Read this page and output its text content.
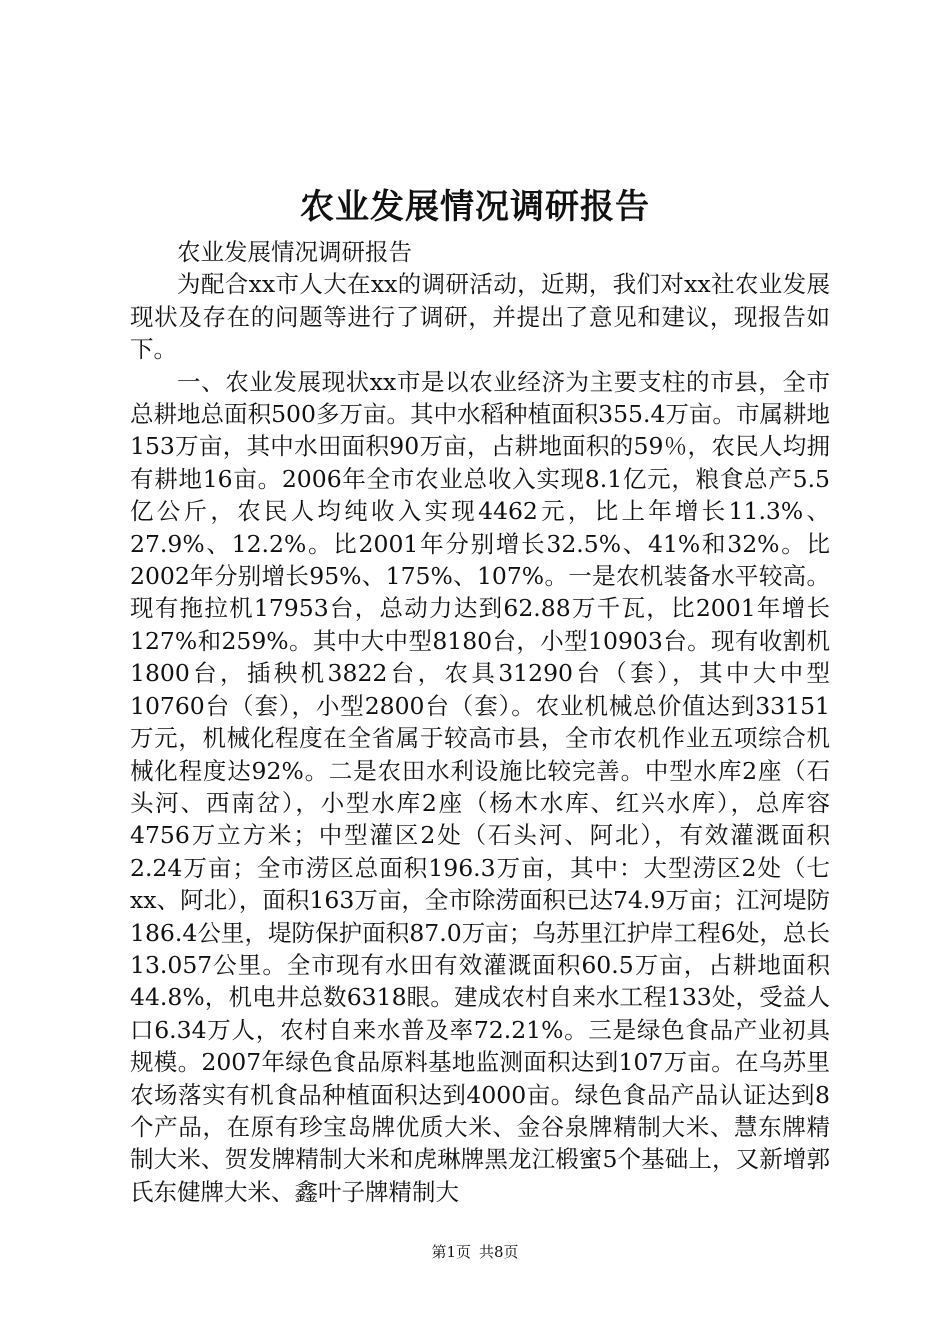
农业发展情况调研报告

农业发展情况调研报告

为配合xx市人大在xx的调研活动，近期，我们对xx社农业发展现状及存在的问题等进行了调研，并提出了意见和建议，现报告如下。

一、农业发展现状xx市是以农业经济为主要支柱的市县，全市总耕地总面积500多万亩。其中水稻种植面积355.4万亩。市属耕地153万亩，其中水田面积90万亩，占耕地面积的59％，农民人均拥有耕地16亩。2006年全市农业总收入实现8.1亿元，粮食总产5.5亿公斤，农民人均纯收入实现4462元，比上年增长11.3%、27.9%、12.2%。比2001年分别增长32.5%、41%和32%。比2002年分别增长95%、175%、107%。一是农机装备水平较高。现有拖拉机17953台，总动力达到62.88万千瓦，比2001年增长127%和259%。其中大中型8180台，小型10903台。现有收割机1800台，插秧机3822台，农具31290台（套），其中大中型10760台（套），小型2800台（套）。农业机械总价值达到33151万元，机械化程度在全省属于较高市县，全市农机作业五项综合机械化程度达92%。二是农田水利设施比较完善。中型水库2座（石头河、西南岔），小型水库2座（杨木水库、红兴水库），总库容4756万立方米；中型灌区2处（石头河、阿北），有效灌溉面积2.24万亩；全市涝区总面积196.3万亩，其中：大型涝区2处（七xx、阿北），面积163万亩，全市除涝面积已达74.9万亩；江河堤防186.4公里，堤防保护面积87.0万亩；乌苏里江护岸工程6处，总长13.057公里。全市现有水田有效灌溉面积60.5万亩，占耕地面积44.8%，机电井总数6318眼。建成农村自来水工程133处，受益人口6.34万人，农村自来水普及率72.21%。三是绿色食品产业初具规模。2007年绿色食品原料基地监测面积达到107万亩。在乌苏里农场落实有机食品种植面积达到4000亩。绿色食品产品认证达到8个产品，在原有珍宝岛牌优质大米、金谷泉牌精制大米、慧东牌精制大米、贺发牌精制大米和虎琳牌黑龙江椴蜜5个基础上，又新增郭氏东健牌大米、鑫叶子牌精制大

第1页 共8页
